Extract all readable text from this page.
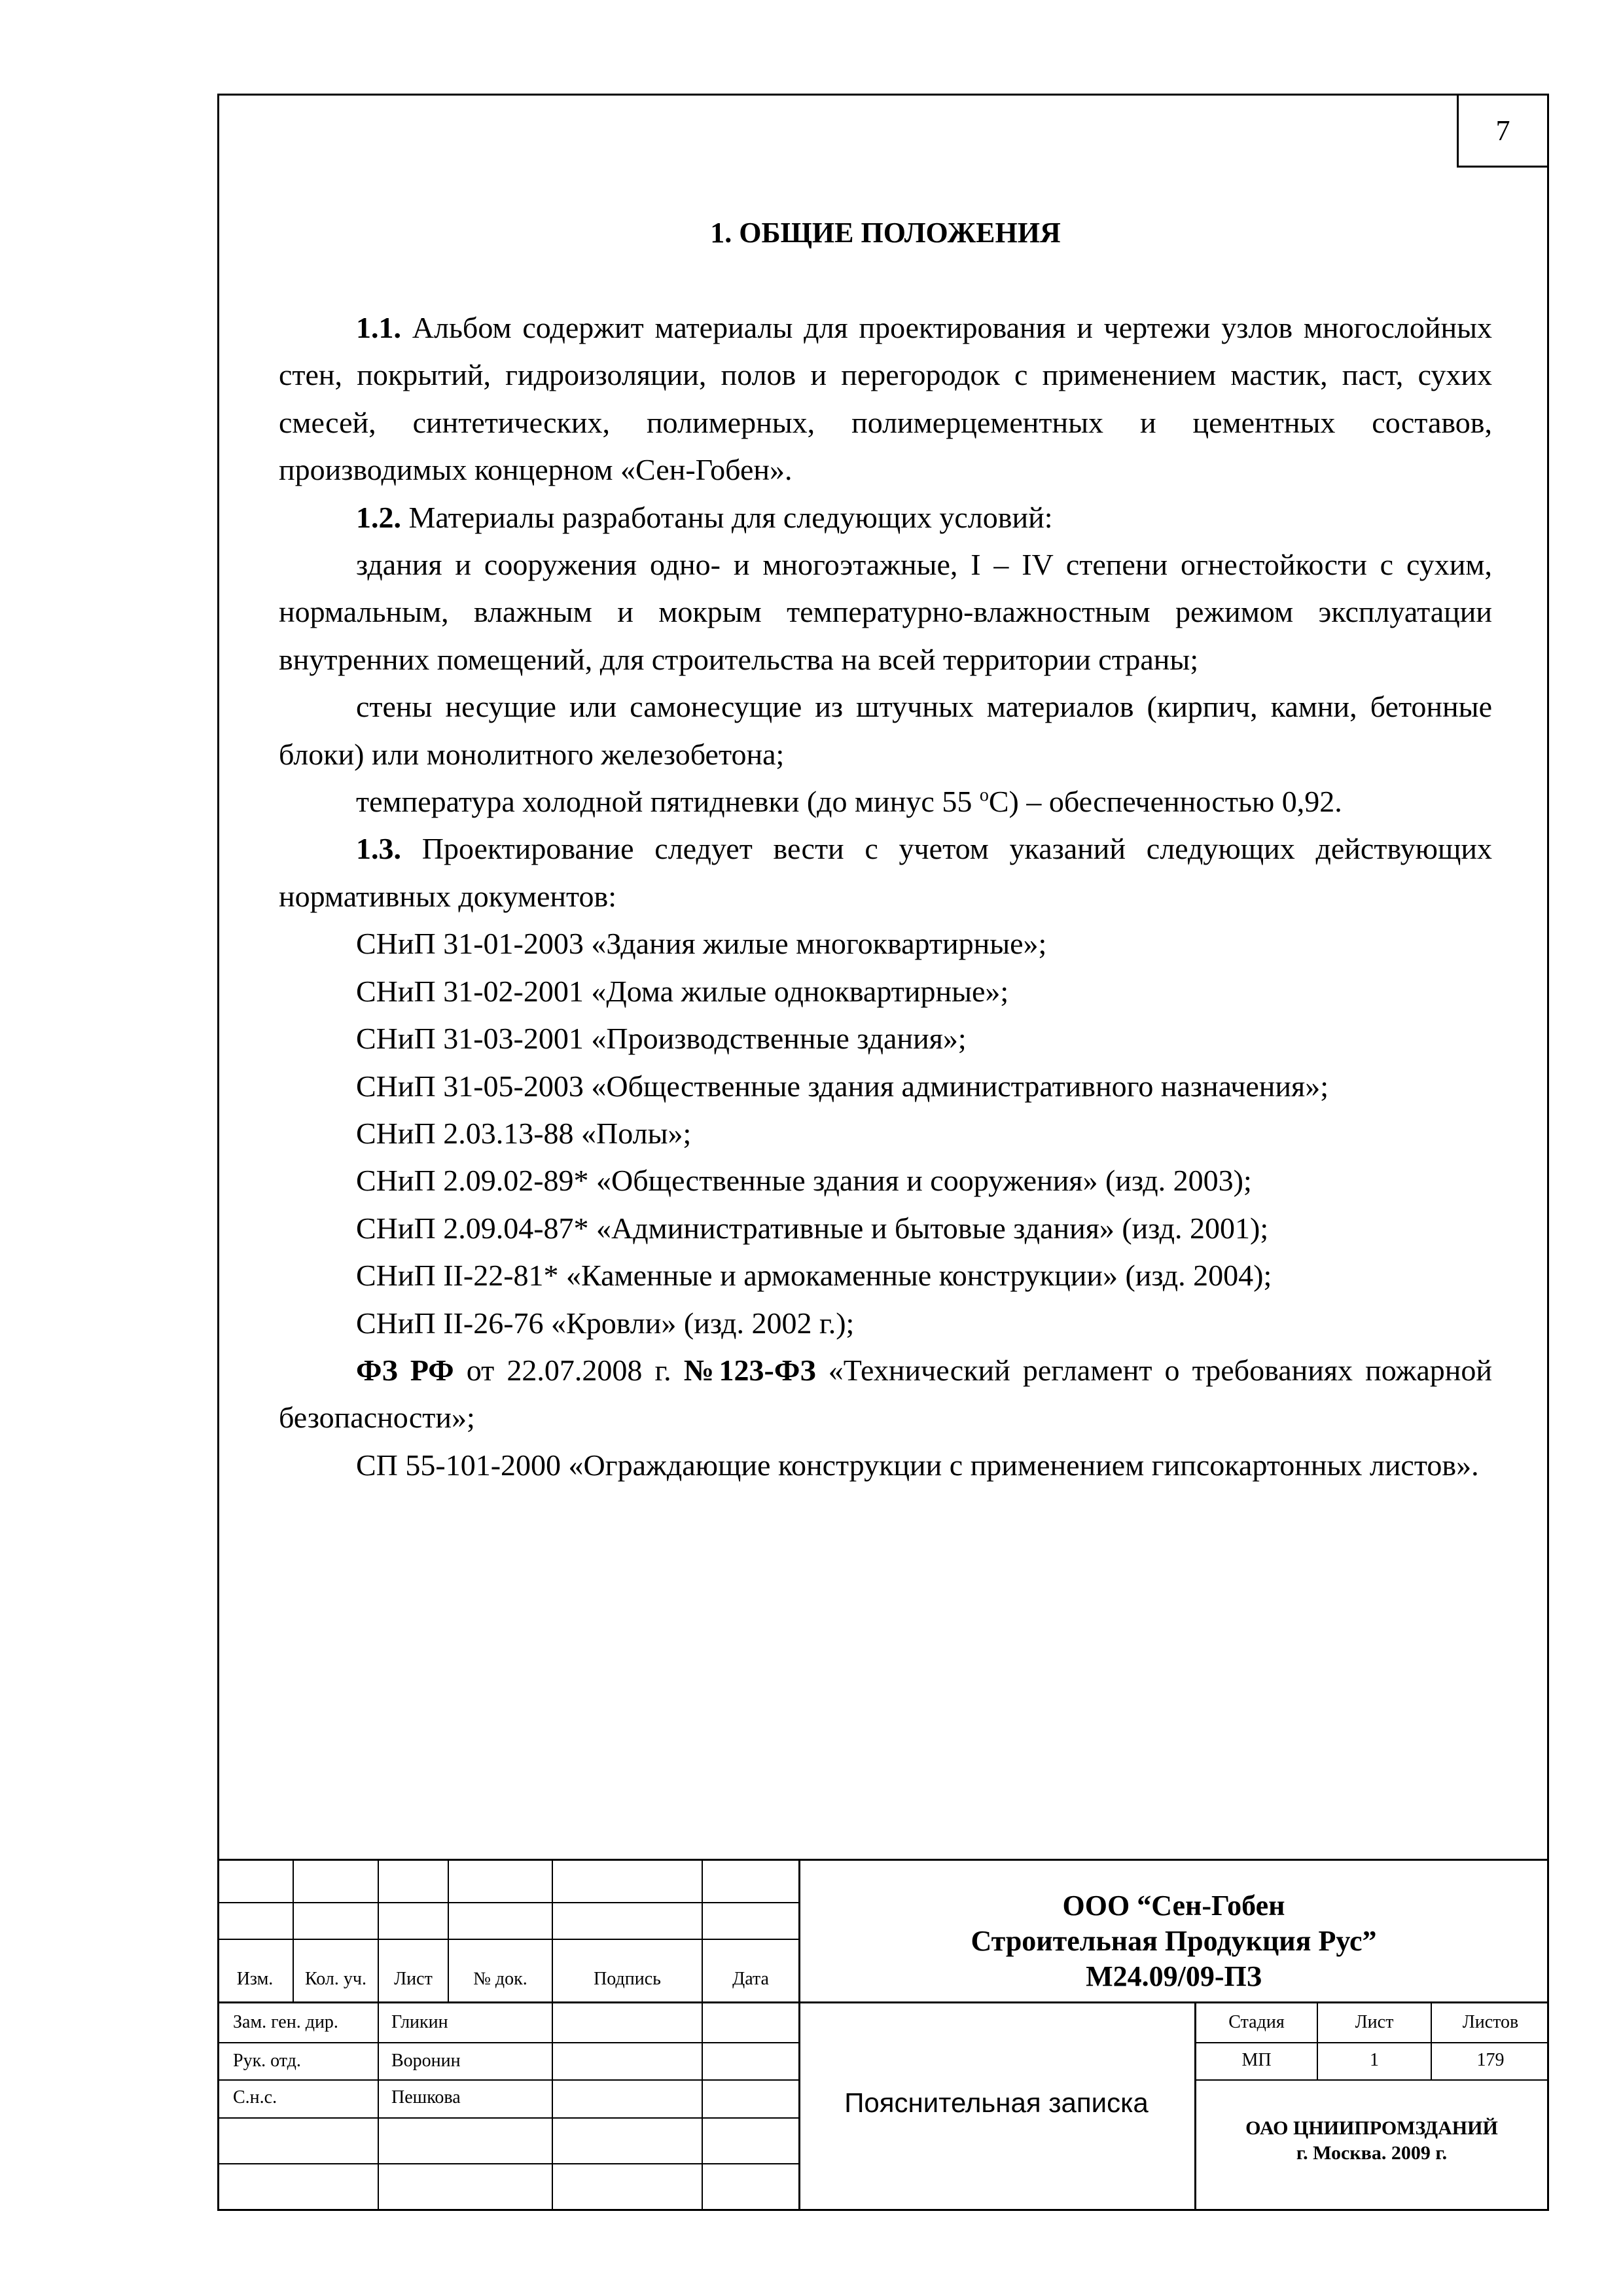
7
1. ОБЩИЕ ПОЛОЖЕНИЯ

1.1. Альбом содержит материалы для проектирования и чертежи узлов многослойных стен, покрытий, гидроизоляции, полов и перегородок с применением мастик, паст, сухих смесей, синтетических, полимерных, полимерцементных и цементных составов, производимых концерном «Сен-Гобен».

1.2. Материалы разработаны для следующих условий:

здания и сооружения одно- и многоэтажные, I – IV степени огнестойкости с сухим, нормальным, влажным и мокрым температурно-влажностным режимом эксплуатации внутренних помещений, для строительства на всей территории страны;

стены несущие или самонесущие из штучных материалов (кирпич, камни, бетонные блоки) или монолитного железобетона;

температура холодной пятидневки (до минус 55 $^о$С) – обеспеченностью 0,92.

1.3. Проектирование следует вести с учетом указаний следующих действующих нормативных документов:

СНиП 31-01-2003 «Здания жилые многоквартирные»;

СНиП 31-02-2001 «Дома жилые одноквартирные»;

СНиП 31-03-2001 «Производственные здания»;

СНиП 31-05-2003 «Общественные здания административного назначения»;

СНиП 2.03.13-88 «Полы»;

СНиП 2.09.02-89* «Общественные здания и сооружения» (изд. 2003);

СНиП 2.09.04-87* «Административные и бытовые здания» (изд. 2001);

СНиП II-22-81* «Каменные и армокаменные конструкции» (изд. 2004);

СНиП II-26-76 «Кровли» (изд. 2002 г.);

ФЗ РФ от 22.07.2008 г. №123-ФЗ «Технический регламент о требованиях пожарной безопасности»;

СП 55-101-2000 «Ограждающие конструкции с применением гипсокартонных листов».

Изм.	Кол. уч.	Лист	№ док.	Подпись	Дата
Зам. ген. дир.	Гликин
Рук. отд.	Воронин
С.н.с.	Пешкова
ООО “Сен-Гобен
Строительная Продукция Рус”
М24.09/09-ПЗ
Пояснительная записка
Стадия	Лист	Листов
МП	1	179
ОАО ЦНИИПРОМЗДАНИЙ
г. Москва. 2009 г.
